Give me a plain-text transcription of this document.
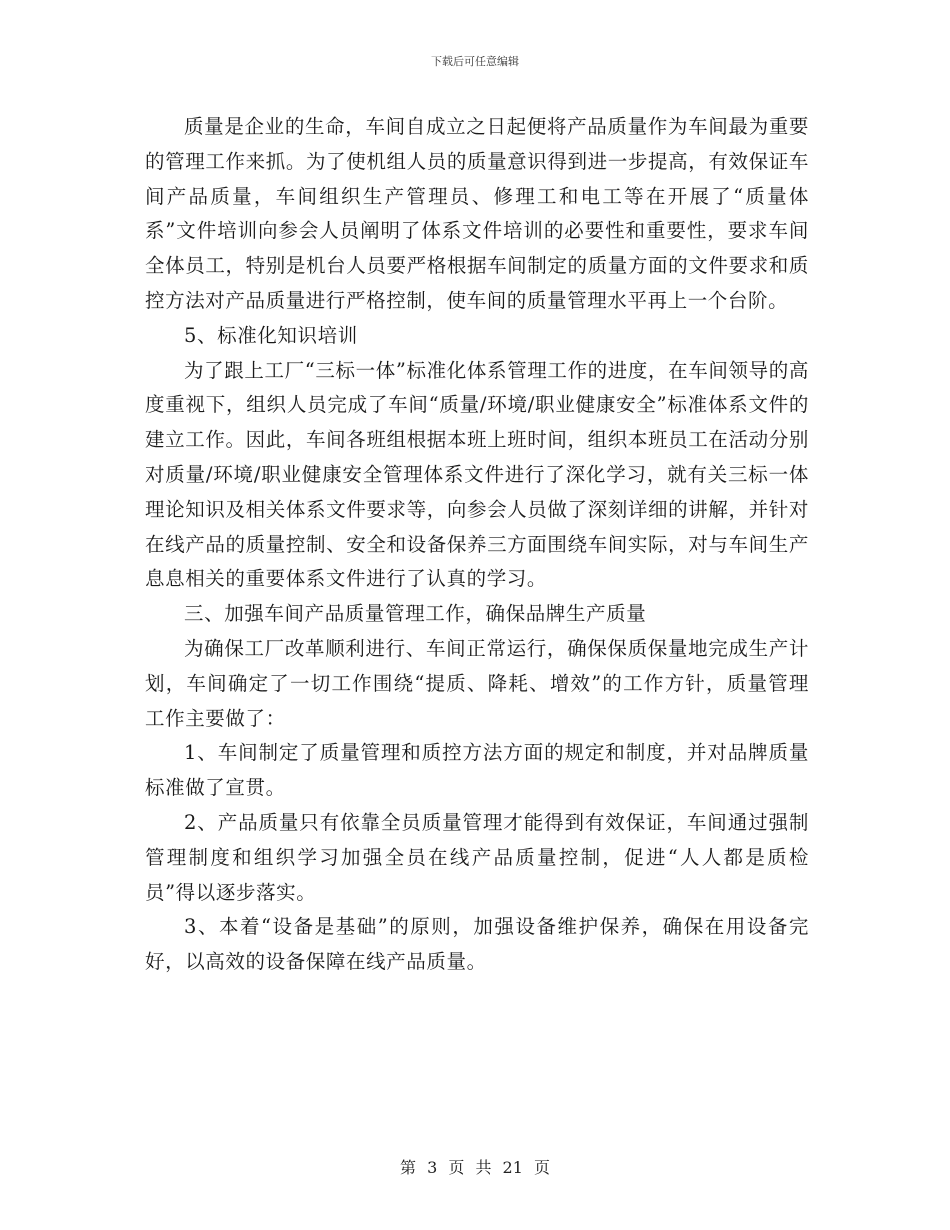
下载后可任意编辑

质量是企业的生命，车间自成立之日起便将产品质量作为车间最为重要的管理工作来抓。为了使机组人员的质量意识得到进一步提高，有效保证车间产品质量，车间组织生产管理员、修理工和电工等在开展了“质量体系”文件培训向参会人员阐明了体系文件培训的必要性和重要性，要求车间全体员工，特别是机台人员要严格根据车间制定的质量方面的文件要求和质控方法对产品质量进行严格控制，使车间的质量管理水平再上一个台阶。

5、标准化知识培训

为了跟上工厂“三标一体”标准化体系管理工作的进度，在车间领导的高度重视下，组织人员完成了车间“质量/环境/职业健康安全”标准体系文件的建立工作。因此，车间各班组根据本班上班时间，组织本班员工在活动分别对质量/环境/职业健康安全管理体系文件进行了深化学习，就有关三标一体理论知识及相关体系文件要求等，向参会人员做了深刻详细的讲解，并针对在线产品的质量控制、安全和设备保养三方面围绕车间实际，对与车间生产息息相关的重要体系文件进行了认真的学习。

三、加强车间产品质量管理工作，确保品牌生产质量

为确保工厂改革顺利进行、车间正常运行，确保保质保量地完成生产计划，车间确定了一切工作围绕“提质、降耗、增效”的工作方针，质量管理工作主要做了：

1、车间制定了质量管理和质控方法方面的规定和制度，并对品牌质量标准做了宣贯。

2、产品质量只有依靠全员质量管理才能得到有效保证，车间通过强制管理制度和组织学习加强全员在线产品质量控制，促进“人人都是质检员”得以逐步落实。

3、本着“设备是基础”的原则，加强设备维护保养，确保在用设备完好，以高效的设备保障在线产品质量。

第 3 页 共 21 页
